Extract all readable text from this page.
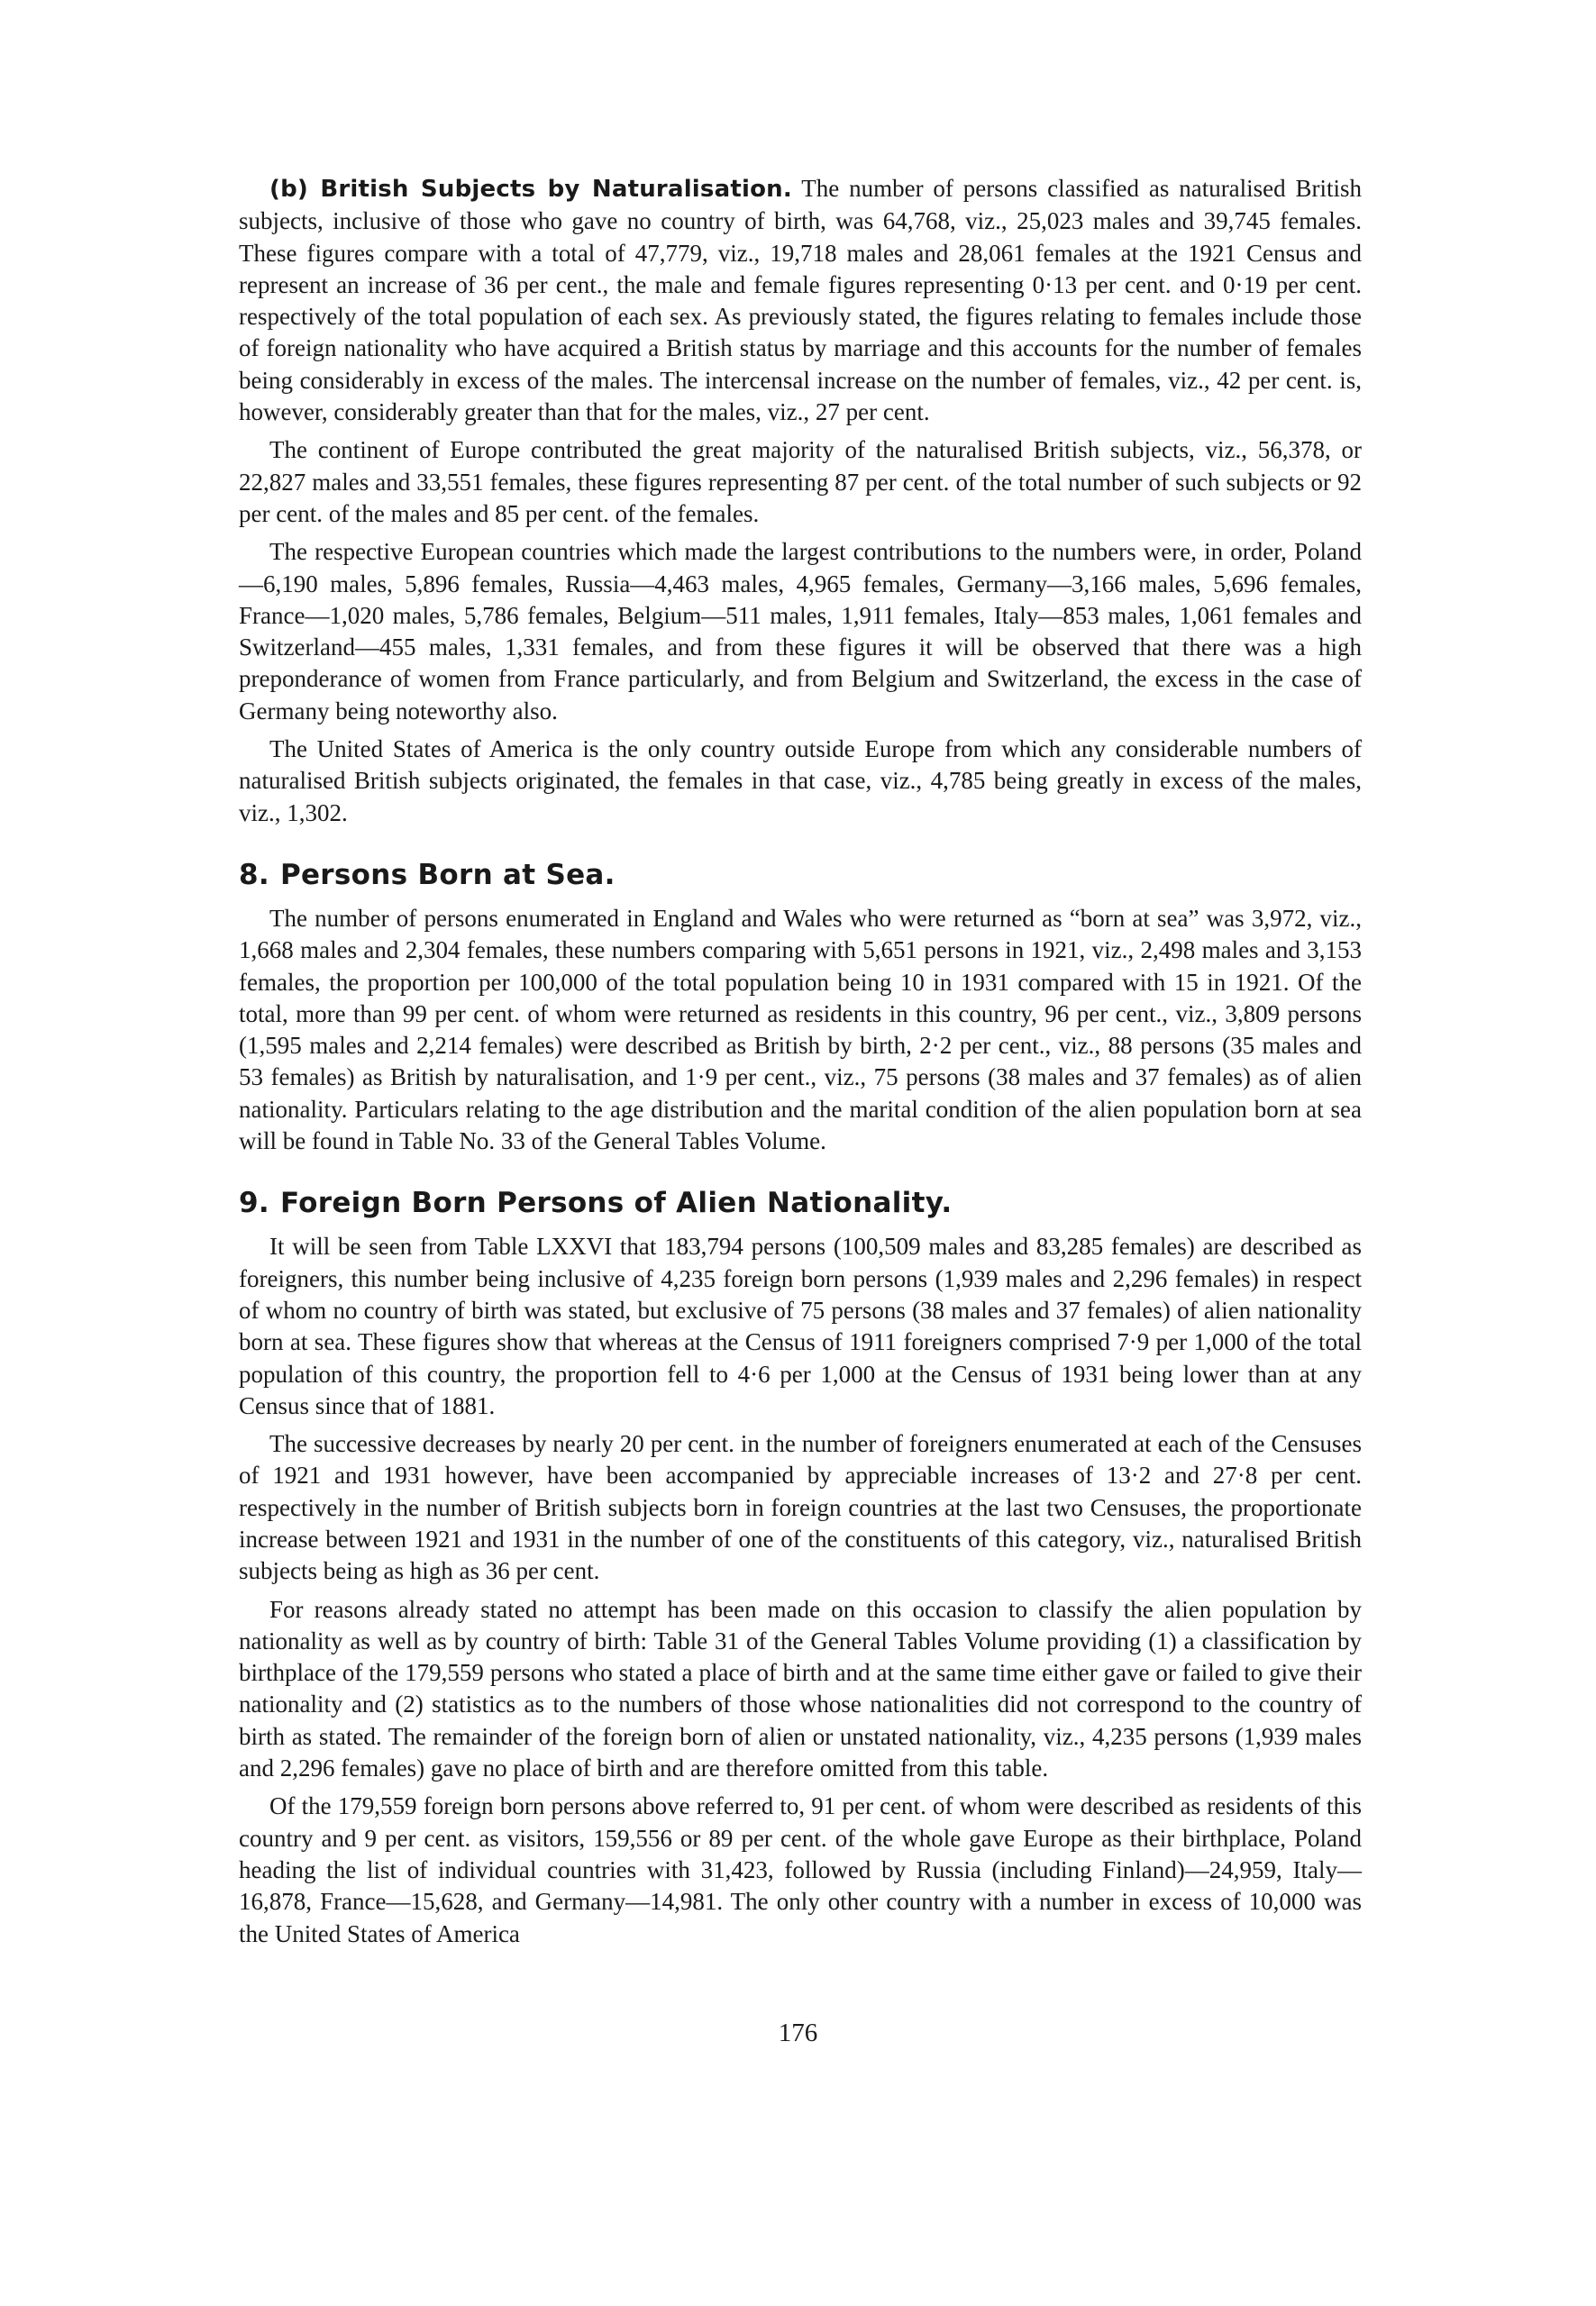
(b) British Subjects by Naturalisation. The number of persons classified as naturalised British subjects, inclusive of those who gave no country of birth, was 64,768, viz., 25,023 males and 39,745 females. These figures compare with a total of 47,779, viz., 19,718 males and 28,061 females at the 1921 Census and represent an increase of 36 per cent., the male and female figures representing 0·13 per cent. and 0·19 per cent. respectively of the total population of each sex. As previously stated, the figures relating to females include those of foreign nationality who have acquired a British status by marriage and this accounts for the number of females being considerably in excess of the males. The intercensal increase on the number of females, viz., 42 per cent. is, however, considerably greater than that for the males, viz., 27 per cent.

The continent of Europe contributed the great majority of the naturalised British subjects, viz., 56,378, or 22,827 males and 33,551 females, these figures representing 87 per cent. of the total number of such subjects or 92 per cent. of the males and 85 per cent. of the females.

The respective European countries which made the largest contributions to the numbers were, in order, Poland—6,190 males, 5,896 females, Russia—4,463 males, 4,965 females, Germany—3,166 males, 5,696 females, France—1,020 males, 5,786 females, Belgium—511 males, 1,911 females, Italy—853 males, 1,061 females and Switzerland—455 males, 1,331 females, and from these figures it will be observed that there was a high preponderance of women from France particularly, and from Belgium and Switzerland, the excess in the case of Germany being noteworthy also.

The United States of America is the only country outside Europe from which any considerable numbers of naturalised British subjects originated, the females in that case, viz., 4,785 being greatly in excess of the males, viz., 1,302.

8. Persons Born at Sea.

The number of persons enumerated in England and Wales who were returned as “born at sea” was 3,972, viz., 1,668 males and 2,304 females, these numbers comparing with 5,651 persons in 1921, viz., 2,498 males and 3,153 females, the proportion per 100,000 of the total population being 10 in 1931 compared with 15 in 1921. Of the total, more than 99 per cent. of whom were returned as residents in this country, 96 per cent., viz., 3,809 persons (1,595 males and 2,214 females) were described as British by birth, 2·2 per cent., viz., 88 persons (35 males and 53 females) as British by naturalisation, and 1·9 per cent., viz., 75 persons (38 males and 37 females) as of alien nationality. Particulars relating to the age distribution and the marital condition of the alien population born at sea will be found in Table No. 33 of the General Tables Volume.

9. Foreign Born Persons of Alien Nationality.

It will be seen from Table LXXVI that 183,794 persons (100,509 males and 83,285 females) are described as foreigners, this number being inclusive of 4,235 foreign born persons (1,939 males and 2,296 females) in respect of whom no country of birth was stated, but exclusive of 75 persons (38 males and 37 females) of alien nationality born at sea. These figures show that whereas at the Census of 1911 foreigners comprised 7·9 per 1,000 of the total population of this country, the proportion fell to 4·6 per 1,000 at the Census of 1931 being lower than at any Census since that of 1881.

The successive decreases by nearly 20 per cent. in the number of foreigners enumerated at each of the Censuses of 1921 and 1931 however, have been accompanied by appreciable increases of 13·2 and 27·8 per cent. respectively in the number of British subjects born in foreign countries at the last two Censuses, the proportionate increase between 1921 and 1931 in the number of one of the constituents of this category, viz., naturalised British subjects being as high as 36 per cent.

For reasons already stated no attempt has been made on this occasion to classify the alien population by nationality as well as by country of birth: Table 31 of the General Tables Volume providing (1) a classification by birthplace of the 179,559 persons who stated a place of birth and at the same time either gave or failed to give their nationality and (2) statistics as to the numbers of those whose nationalities did not correspond to the country of birth as stated. The remainder of the foreign born of alien or unstated nationality, viz., 4,235 persons (1,939 males and 2,296 females) gave no place of birth and are therefore omitted from this table.

Of the 179,559 foreign born persons above referred to, 91 per cent. of whom were described as residents of this country and 9 per cent. as visitors, 159,556 or 89 per cent. of the whole gave Europe as their birthplace, Poland heading the list of individual countries with 31,423, followed by Russia (including Finland)—24,959, Italy—16,878, France—15,628, and Germany—14,981. The only other country with a number in excess of 10,000 was the United States of America

176
